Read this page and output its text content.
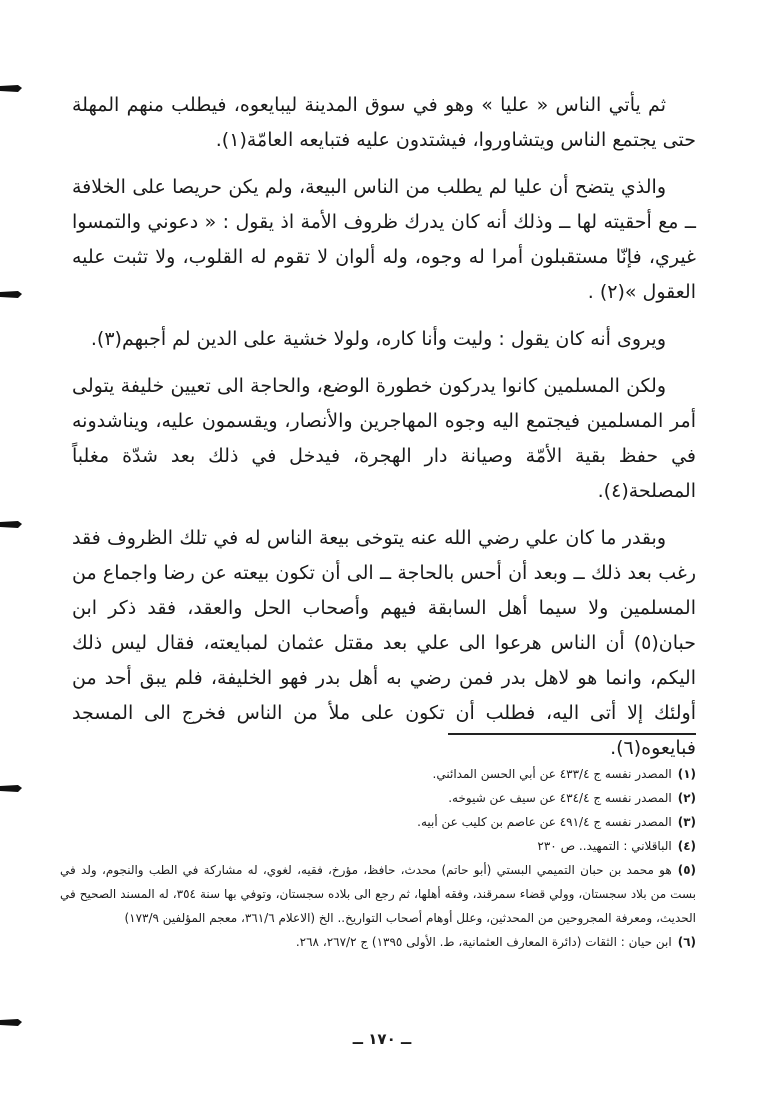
ثم يأتي الناس « عليا » وهو في سوق المدينة ليبايعوه، فيطلب منهم المهلة حتى يجتمع الناس ويتشاوروا، فيشتدون عليه فتبايعه العامّة(١).

والذي يتضح أن عليا لم يطلب من الناس البيعة، ولم يكن حريصا على الخلافة ــ مع أحقيته لها ــ وذلك أنه كان يدرك ظروف الأمة اذ يقول : « دعوني والتمسوا غيري، فإنّا مستقبلون أمرا له وجوه، وله ألوان لا تقوم له القلوب، ولا تثبت عليه العقول »(٢) .

ويروى أنه كان يقول : وليت وأنا كاره، ولولا خشية على الدين لم أجبهم(٣).

ولكن المسلمين كانوا يدركون خطورة الوضع، والحاجة الى تعيين خليفة يتولى أمر المسلمين فيجتمع اليه وجوه المهاجرين والأنصار، ويقسمون عليه، ويناشدونه في حفظ بقية الأمّة وصيانة دار الهجرة، فيدخل في ذلك بعد شدّة مغلباً المصلحة(٤).

وبقدر ما كان علي رضي الله عنه يتوخى بيعة الناس له في تلك الظروف فقد رغب بعد ذلك ــ وبعد أن أحس بالحاجة ــ الى أن تكون بيعته عن رضا واجماع من المسلمين ولا سيما أهل السابقة فيهم وأصحاب الحل والعقد، فقد ذكر ابن حبان(٥) أن الناس هرعوا الى علي بعد مقتل عثمان لمبايعته، فقال ليس ذلك اليكم، وانما هو لاهل بدر فمن رضي به أهل بدر فهو الخليفة، فلم يبق أحد من أولئك إلا أتى اليه، فطلب أن تكون على ملأ من الناس فخرج الى المسجد فبايعوه(٦).

(١)المصدر نفسه ج ٤٣٣/٤ عن أبي الحسن المدائني.

(٢)المصدر نفسه ج ٤٣٤/٤ عن سيف عن شيوخه.

(٣)المصدر نفسه ج ٤٩١/٤ عن عاصم بن كليب عن أبيه.

(٤)الباقلاني : التمهيد.. ص ٢٣٠

(٥)هو محمد بن حبان التميمي البستي (أبو حاتم) محدث، حافظ، مؤرخ، فقيه، لغوي، له مشاركة في الطب والنجوم، ولد في بست من بلاد سجستان، وولي قضاء سمرقند، وفقه أهلها، ثم رجع الى بلاده سجستان، وتوفي بها سنة ٣٥٤، له المسند الصحيح في الحديث، ومعرفة المجروحين من المحدثين، وعلل أوهام أصحاب التواريخ.. الخ (الاعلام ٣٦١/٦، معجم المؤلفين ١٧٣/٩)

(٦)ابن حيان : الثقات (دائرة المعارف العثمانية، ط. الأولى ١٣٩٥) ج ٢٦٧/٢، ٢٦٨.

ــ ١٧٠ ــ
